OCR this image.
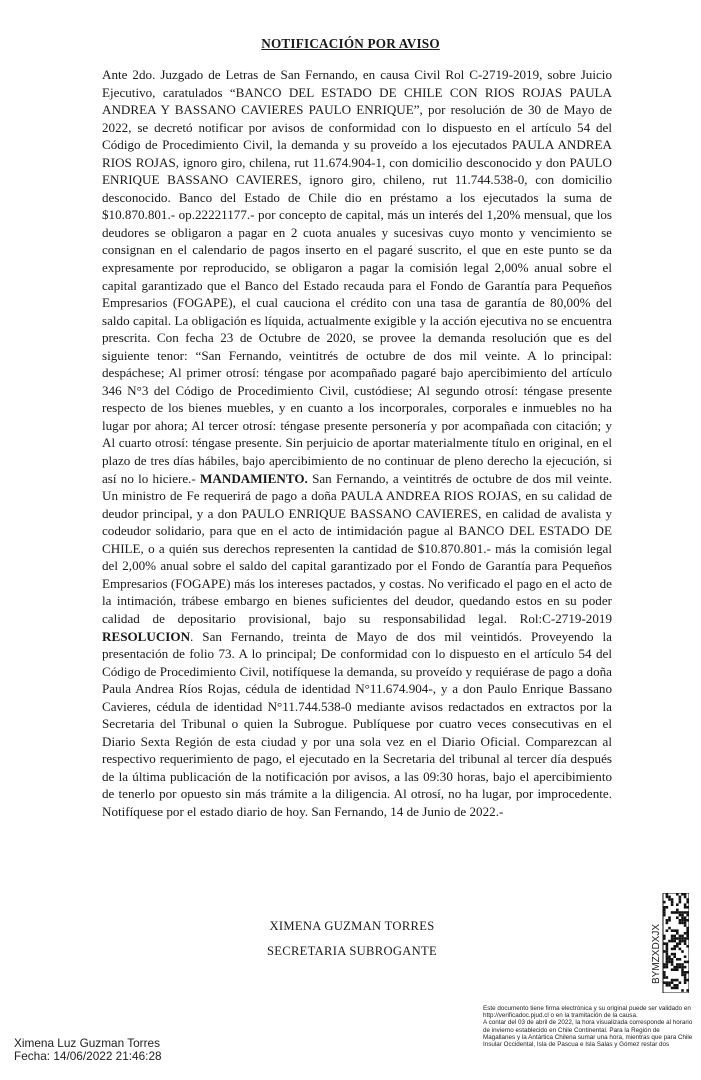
NOTIFICACIÓN POR AVISO

Ante 2do. Juzgado de Letras de San Fernando, en causa Civil Rol C-2719-2019, sobre Juicio Ejecutivo, caratulados “BANCO DEL ESTADO DE CHILE CON RIOS ROJAS PAULA ANDREA Y BASSANO CAVIERES PAULO ENRIQUE”, por resolución de 30 de Mayo de 2022, se decretó notificar por avisos de conformidad con lo dispuesto en el artículo 54 del Código de Procedimiento Civil, la demanda y su proveído a los ejecutados PAULA ANDREA RIOS ROJAS, ignoro giro, chilena, rut 11.674.904-1, con domicilio desconocido y don PAULO ENRIQUE BASSANO CAVIERES, ignoro giro, chileno, rut 11.744.538-0, con domicilio desconocido. Banco del Estado de Chile dio en préstamo a los ejecutados la suma de $10.870.801.- op.22221177.- por concepto de capital, más un interés del 1,20% mensual, que los deudores se obligaron a pagar en 2 cuota anuales y sucesivas cuyo monto y vencimiento se consignan en el calendario de pagos inserto en el pagaré suscrito, el que en este punto se da expresamente por reproducido, se obligaron a pagar la comisión legal 2,00% anual sobre el capital garantizado que el Banco del Estado recauda para el Fondo de Garantía para Pequeños Empresarios (FOGAPE), el cual cauciona el crédito con una tasa de garantía de 80,00% del saldo capital. La obligación es líquida, actualmente exigible y la acción ejecutiva no se encuentra prescrita. Con fecha 23 de Octubre de 2020, se provee la demanda resolución que es del siguiente tenor: “San Fernando, veintitrés de octubre de dos mil veinte. A lo principal: despáchese; Al primer otrosí: téngase por acompañado pagaré bajo apercibimiento del artículo 346 N°3 del Código de Procedimiento Civil, custódiese; Al segundo otrosí: téngase presente respecto de los bienes muebles, y en cuanto a los incorporales, corporales e inmuebles no ha lugar por ahora; Al tercer otrosí: téngase presente personería y por acompañada con citación; y Al cuarto otrosí: téngase presente. Sin perjuicio de aportar materialmente título en original, en el plazo de tres días hábiles, bajo apercibimiento de no continuar de pleno derecho la ejecución, si así no lo hiciere.- MANDAMIENTO. San Fernando, a veintitrés de octubre de dos mil veinte. Un ministro de Fe requerirá de pago a doña PAULA ANDREA RIOS ROJAS, en su calidad de deudor principal, y a don PAULO ENRIQUE BASSANO CAVIERES, en calidad de avalista y codeudor solidario, para que en el acto de intimidación pague al BANCO DEL ESTADO DE CHILE, o a quién sus derechos representen la cantidad de $10.870.801.- más la comisión legal del 2,00% anual sobre el saldo del capital garantizado por el Fondo de Garantía para Pequeños Empresarios (FOGAPE) más los intereses pactados, y costas. No verificado el pago en el acto de la intimación, trábese embargo en bienes suficientes del deudor, quedando estos en su poder calidad de depositario provisional, bajo su responsabilidad legal. Rol:C-2719-2019 RESOLUCION. San Fernando, treinta de Mayo de dos mil veintidós. Proveyendo la presentación de folio 73. A lo principal; De conformidad con lo dispuesto en el artículo 54 del Código de Procedimiento Civil, notifíquese la demanda, su proveído y requiérase de pago a doña Paula Andrea Ríos Rojas, cédula de identidad N°11.674.904-, y a don Paulo Enrique Bassano Cavieres, cédula de identidad N°11.744.538-0 mediante avisos redactados en extractos por la Secretaria del Tribunal o quien la Subrogue. Publíquese por cuatro veces consecutivas en el Diario Sexta Región de esta ciudad y por una sola vez en el Diario Oficial. Comparezcan al respectivo requerimiento de pago, el ejecutado en la Secretaria del tribunal al tercer día después de la última publicación de la notificación por avisos, a las 09:30 horas, bajo el apercibimiento de tenerlo por opuesto sin más trámite a la diligencia. Al otrosí, no ha lugar, por improcedente. Notifíquese por el estado diario de hoy. San Fernando, 14 de Junio de 2022.-

XIMENA GUZMAN TORRES
SECRETARIA SUBROGANTE	BYMZXDXJX

Este documento tiene firma electrónica y su original puede ser validado en http://verificadoc.pjud.cl o en la tramitación de la causa.

A contar del 03 de abril de 2022, la hora visualizada corresponde al horario de invierno establecido en Chile Continental. Para la Región de Magallanes y la Antártica Chilena sumar una hora, mientras que para Chile Insular Occidental, Isla de Pascua e Isla Salas y Gómez restar dos

Ximena Luz Guzman Torres
Fecha: 14/06/2022 21:46:28
